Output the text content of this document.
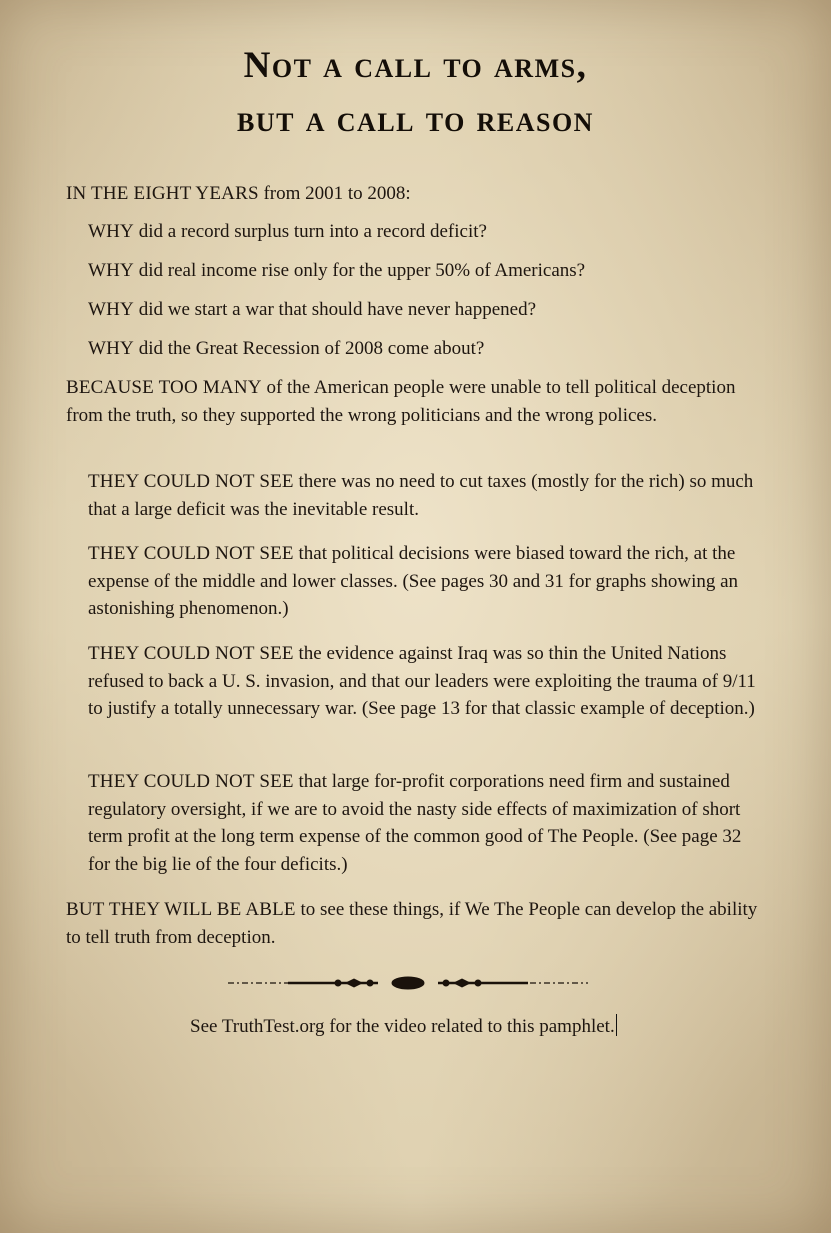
Not a call to arms,
but a call to reason
IN THE EIGHT YEARS from 2001 to 2008:
WHY did a record surplus turn into a record deficit?
WHY did real income rise only for the upper 50% of Americans?
WHY did we start a war that should have never happened?
WHY did the Great Recession of 2008 come about?
BECAUSE TOO MANY of the American people were unable to tell political deception from the truth, so they supported the wrong politicians and the wrong polices.
THEY COULD NOT SEE there was no need to cut taxes (mostly for the rich) so much that a large deficit was the inevitable result.
THEY COULD NOT SEE that political decisions were biased toward the rich, at the expense of the middle and lower classes. (See pages 30 and 31 for graphs showing an astonishing phenomenon.)
THEY COULD NOT SEE the evidence against Iraq was so thin the United Nations refused to back a U. S. invasion, and that our leaders were exploiting the trauma of 9/11 to justify a totally unnecessary war. (See page 13 for that classic example of deception.)
THEY COULD NOT SEE that large for-profit corporations need firm and sustained regulatory oversight, if we are to avoid the nasty side effects of maximization of short term profit at the long term expense of the common good of The People. (See page 32 for the big lie of the four deficits.)
BUT THEY WILL BE ABLE to see these things, if We The People can develop the ability to tell truth from deception.
See TruthTest.org for the video related to this pamphlet.
